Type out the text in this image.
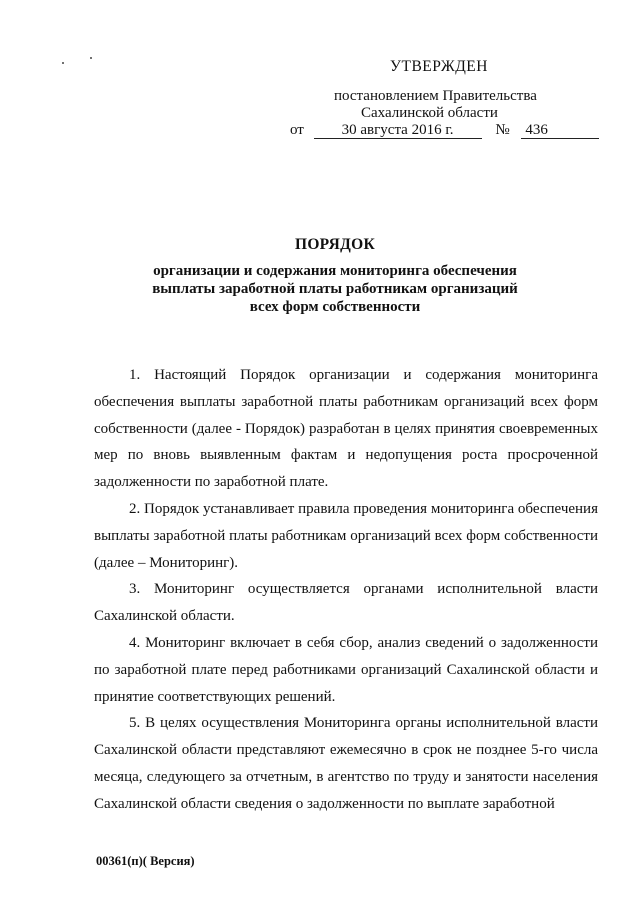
УТВЕРЖДЕН
постановлением Правительства
Сахалинской области
от	30 августа 2016 г.	№ 436
ПОРЯДОК
организации и содержания мониторинга обеспечения
выплаты заработной платы работникам организаций
всех форм собственности

1. Настоящий Порядок организации и содержания мониторинга обеспечения выплаты заработной платы работникам организаций всех форм собственности (далее - Порядок) разработан в целях принятия своевременных мер по вновь выявленным фактам и недопущения роста просроченной задолженности по заработной плате.

2. Порядок устанавливает правила проведения мониторинга обеспечения выплаты заработной платы работникам организаций всех форм собственности (далее – Мониторинг).

3. Мониторинг осуществляется органами исполнительной власти Сахалинской области.

4. Мониторинг включает в себя сбор, анализ сведений о задолженности по заработной плате перед работниками организаций Сахалинской области и принятие соответствующих решений.

5. В целях осуществления Мониторинга органы исполнительной власти Сахалинской области представляют ежемесячно в срок не позднее 5-го числа месяца, следующего за отчетным, в агентство по труду и занятости населения Сахалинской области сведения о задолженности по выплате заработной

00361(п)( Версия)
